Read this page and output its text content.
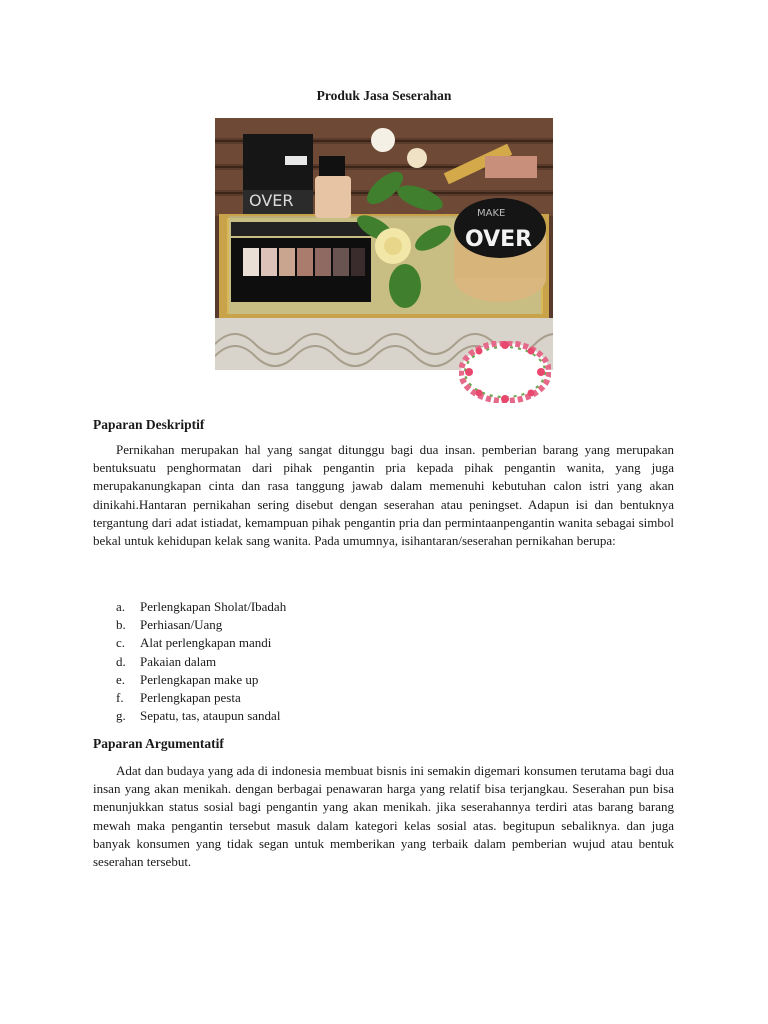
Produk Jasa Seserahan
OVER
OVER
MAKE
Paparan Deskriptif

Pernikahan merupakan hal yang sangat ditunggu bagi dua insan. pemberian barang yang merupakan bentuksuatu penghormatan dari pihak pengantin pria kepada pihak pengantin wanita, yang juga merupakanungkapan cinta dan rasa tanggung jawab dalam memenuhi kebutuhan calon istri yang akan dinikahi.Hantaran pernikahan sering disebut dengan seserahan atau peningset. Adapun isi dan bentuknya tergantung dari adat istiadat, kemampuan pihak pengantin pria dan permintaanpengantin wanita sebagai simbol bekal untuk kehidupan kelak sang wanita. Pada umumnya, isihantaran/seserahan pernikahan berupa:

a. Perlengkapan Sholat/Ibadah
b. Perhiasan/Uang
c. Alat perlengkapan mandi
d. Pakaian dalam
e. Perlengkapan make up
f. Perlengkapan pesta
g. Sepatu, tas, ataupun sandal
Paparan Argumentatif

Adat dan budaya yang ada di indonesia membuat bisnis ini semakin digemari konsumen terutama bagi dua insan yang akan menikah. dengan berbagai penawaran harga yang relatif bisa terjangkau. Seserahan pun bisa menunjukkan status sosial bagi pengantin yang akan menikah. jika seserahannya terdiri atas barang barang mewah maka pengantin tersebut masuk dalam kategori kelas sosial atas. begitupun sebaliknya. dan juga banyak konsumen yang tidak segan untuk memberikan yang terbaik dalam pemberian wujud atau bentuk seserahan tersebut.
